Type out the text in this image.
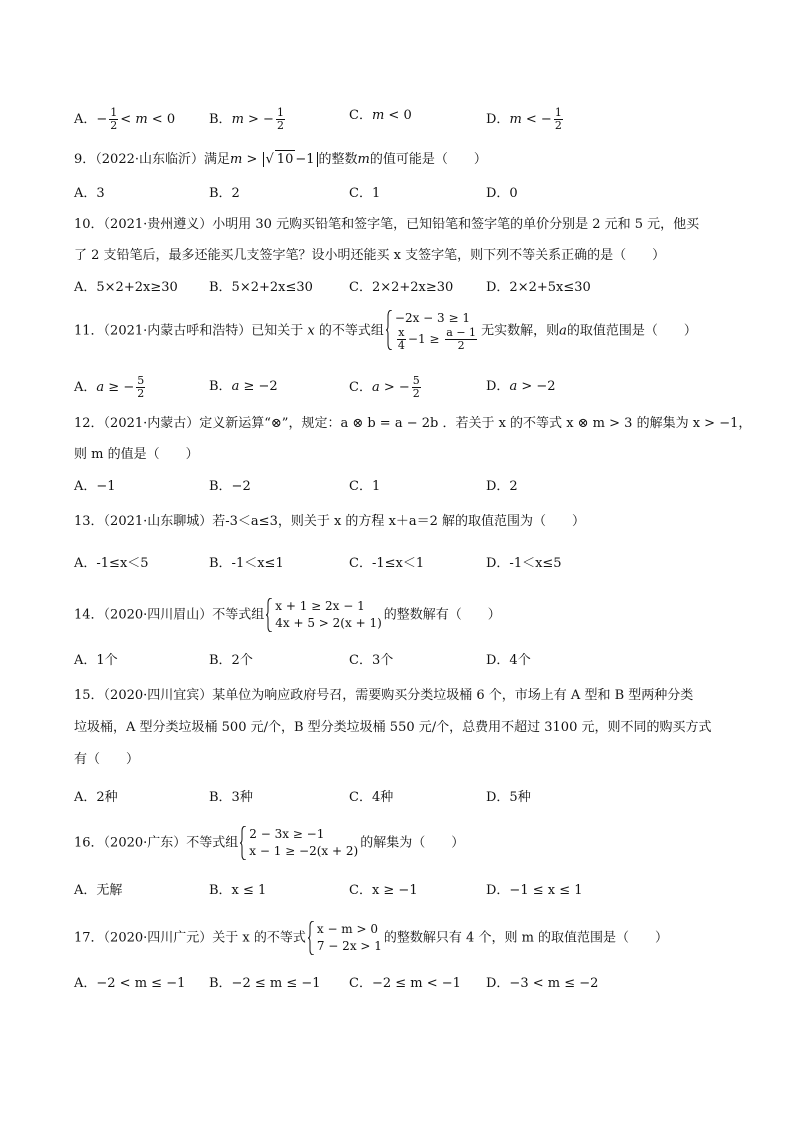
A．− $\frac{1}{2} < m < 0$	B．m > − $\frac{1}{2}$	C．m < 0	D．m < − $\frac{1}{2}$
9．（2022·山东临沂）满足m > √ 10 −1 的整数m的值可能是（　　）
A．3	B．2	C．1	D．0
10．（2021·贵州遵义）小明用 30 元购买铅笔和签字笔，已知铅笔和签字笔的单价分别是 2 元和 5 元，他买
了 2 支铅笔后，最多还能买几支签字笔？设小明还能买 x 支签字笔，则下列不等关系正确的是（　　）
A．5×2+2x≥30 B．5×2+2x≤30	C．2×2+2x≥30	D．2×2+5x≤30
11．（2021·内蒙古呼和浩特）已知关于 x 的不等式组
−2x − 3 ≥ 1
$\frac{x}{4} -1 \ge \frac{a - 1}{2}$ 无实数解，则a的取值范围是（　　）
A．a ≥ − $\frac{5}{2}$	B．a ≥ −2	C．a > − $\frac{5}{2}$	D．a > −2
12．（2021·内蒙古）定义新运算“⊗”，规定：a ⊗ b = a − 2b ．若关于 x 的不等式 x ⊗ m > 3 的解集为 x > −1，
则 m 的值是（　　）
A．−1	B．−2	C．1	D．2
13．（2021·山东聊城）若-3＜a≤3，则关于 x 的方程 x＋a＝2 解的取值范围为（　　）
A．-1≤x＜5	B．-1＜x≤1	C．-1≤x＜1	D．-1＜x≤5
14．（2020·四川眉山）不等式组
x + 1 ≥ 2x − 1
4x + 5 > 2(x + 1)
的整数解有（　　）
A．1个	B．2个	C．3个	D．4个
15．（2020·四川宜宾）某单位为响应政府号召，需要购买分类垃圾桶 6 个，市场上有 A 型和 B 型两种分类
垃圾桶，A 型分类垃圾桶 500 元/个，B 型分类垃圾桶 550 元/个，总费用不超过 3100 元，则不同的购买方式
有（　　）
A．2种	B．3种	C．4种	D．5种
16．（2020·广东）不等式组
2 − 3x ≥ −1
x − 1 ≥ −2(x + 2)
的解集为（　　）
A．无解	B．x ≤ 1	C．x ≥ −1	D．−1 ≤ x ≤ 1
17．（2020·四川广元）关于 x 的不等式
x − m > 0
7 − 2x > 1
的整数解只有 4 个，则 m 的取值范围是（　　）
A．−2 < m ≤ −1 B．−2 ≤ m ≤ −1 C．−2 ≤ m < −1 D．−3 < m ≤ −2
